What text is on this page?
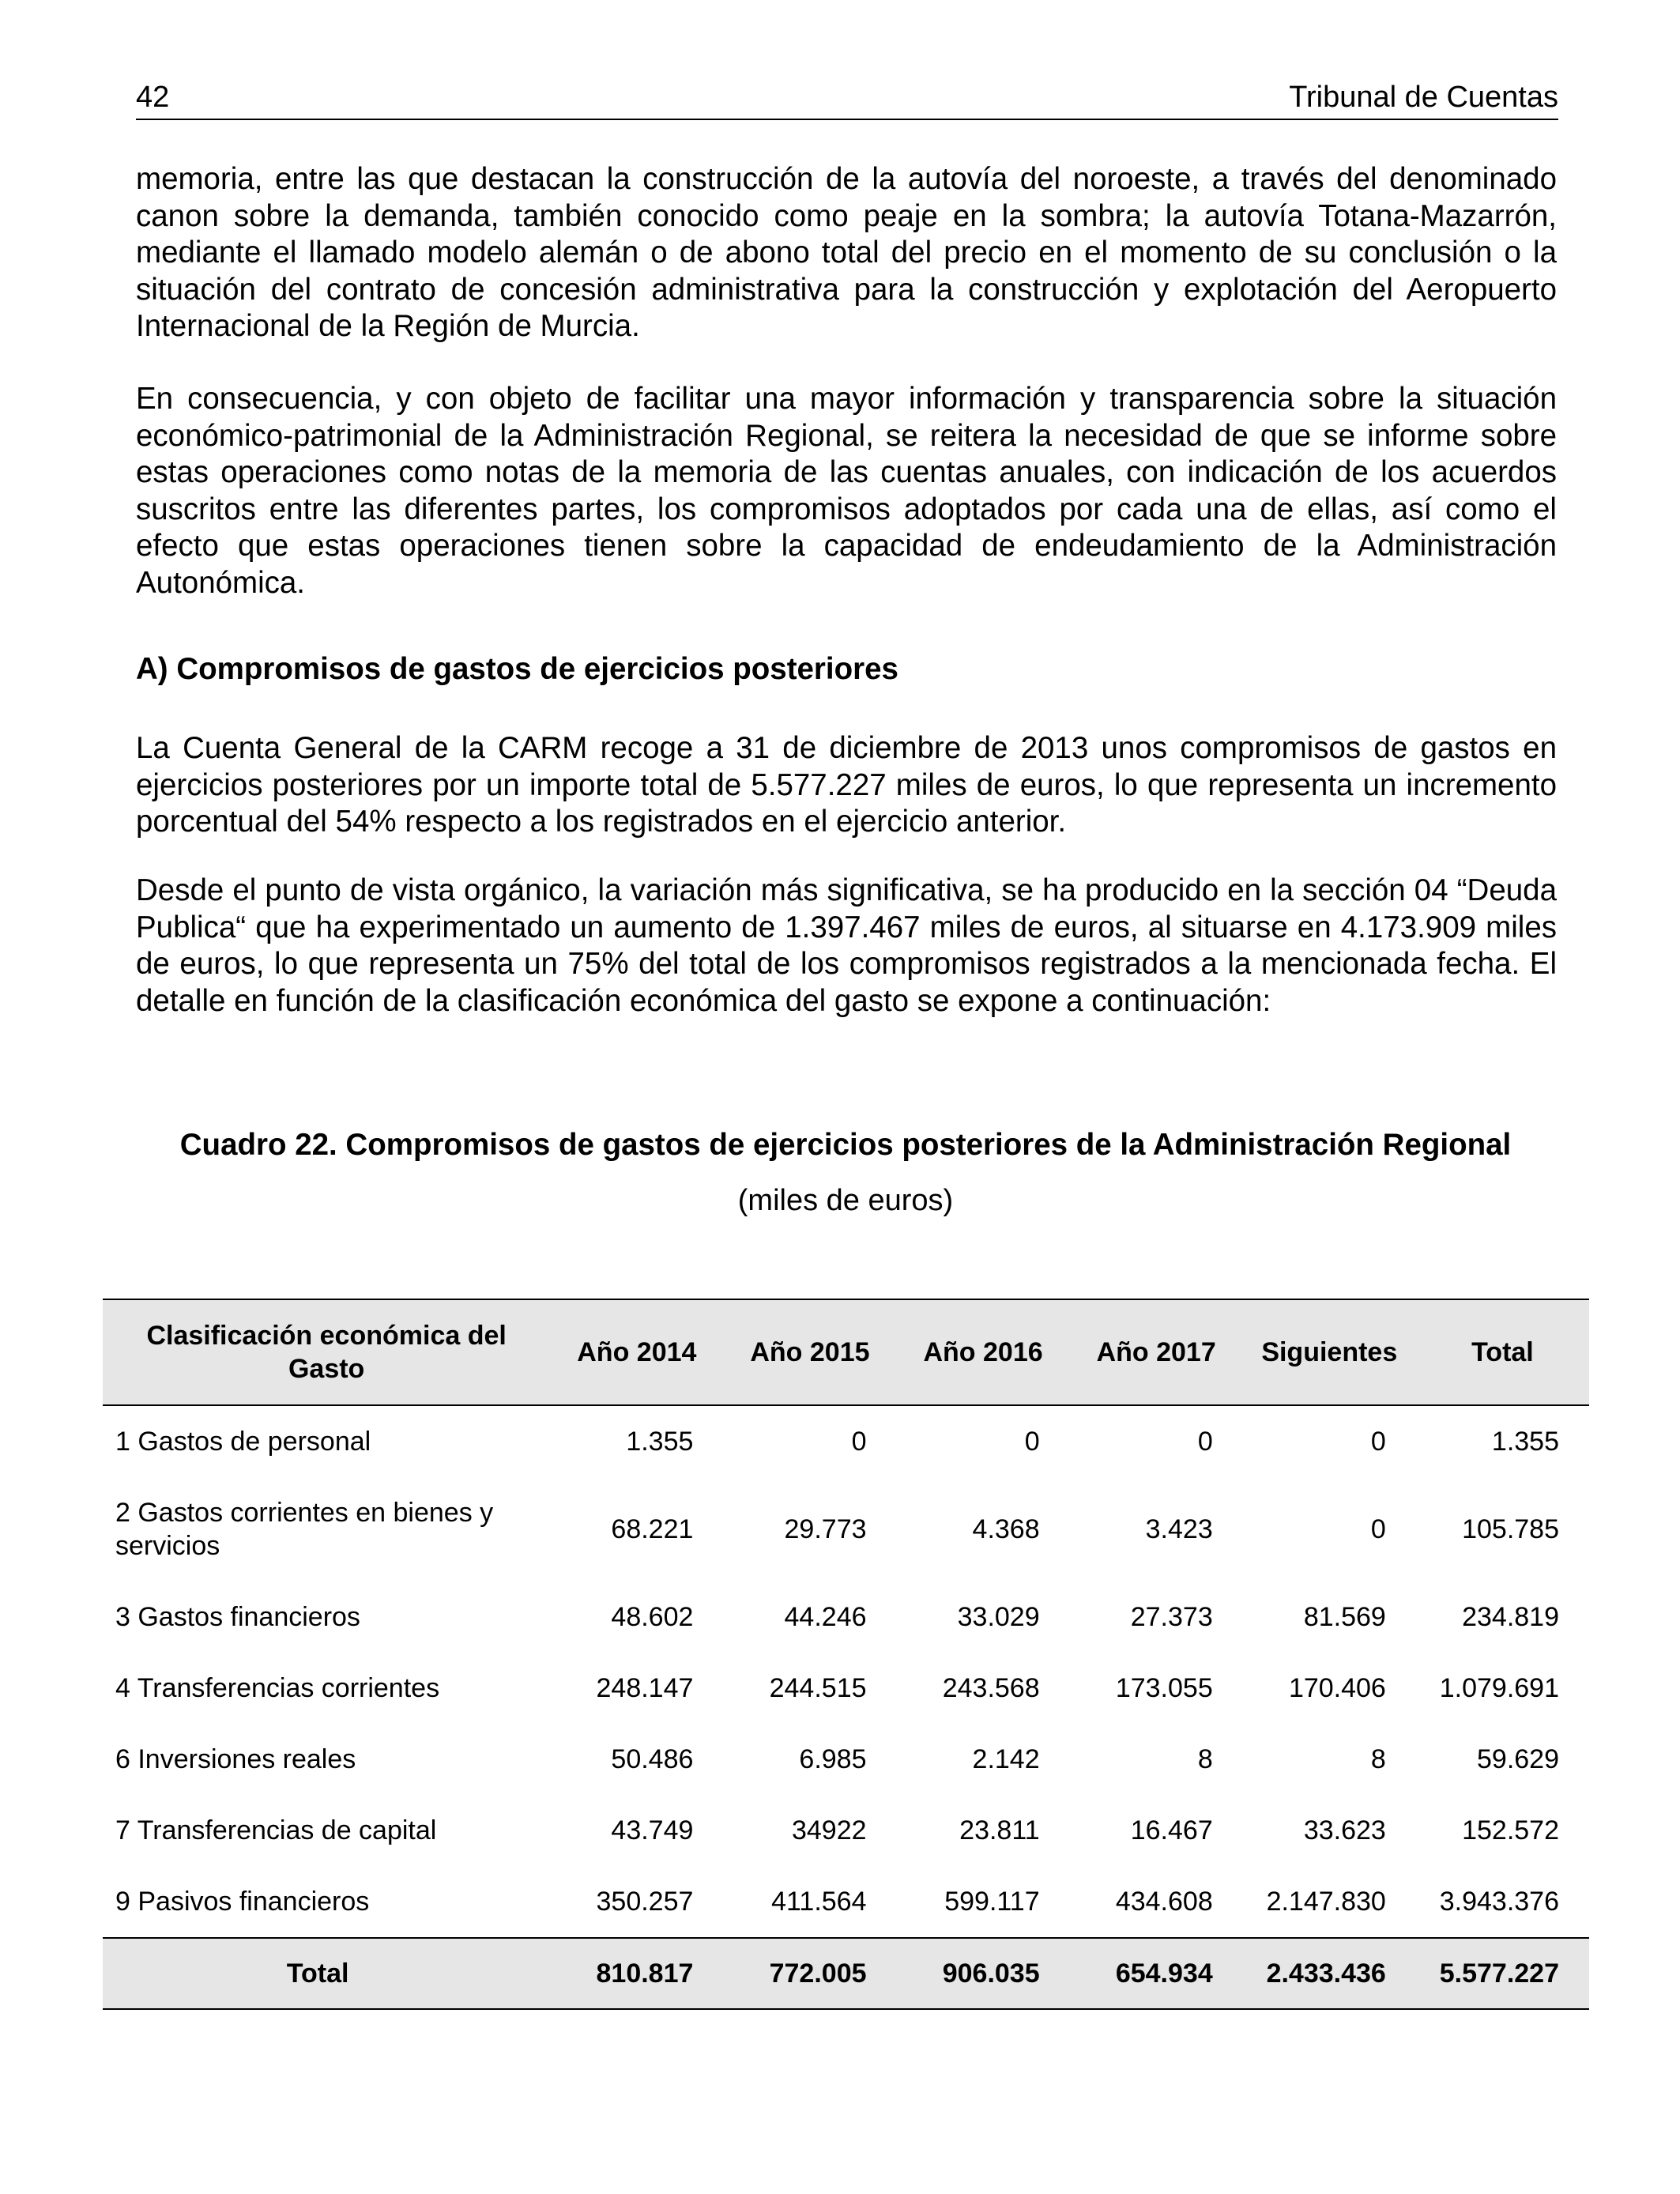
42	Tribunal de Cuentas

memoria, entre las que destacan la construcción de la autovía del noroeste, a través del denominado canon sobre la demanda, también conocido como peaje en la sombra; la autovía Totana-Mazarrón, mediante el llamado modelo alemán o de abono total del precio en el momento de su conclusión o la situación del contrato de concesión administrativa para la construcción y explotación del Aeropuerto Internacional de la Región de Murcia.

En consecuencia, y con objeto de facilitar una mayor información y transparencia sobre la situación económico-patrimonial de la Administración Regional, se reitera la necesidad de que se informe sobre estas operaciones como notas de la memoria de las cuentas anuales, con indicación de los acuerdos suscritos entre las diferentes partes, los compromisos adoptados por cada una de ellas, así como el efecto que estas operaciones tienen sobre la capacidad de endeudamiento de la Administración Autonómica.

A) Compromisos de gastos de ejercicios posteriores

La Cuenta General de la CARM recoge a 31 de diciembre de 2013 unos compromisos de gastos en ejercicios posteriores por un importe total de 5.577.227 miles de euros, lo que representa un incremento porcentual del 54% respecto a los registrados en el ejercicio anterior.

Desde el punto de vista orgánico, la variación más significativa, se ha producido en la sección 04 “Deuda Publica“ que ha experimentado un aumento de 1.397.467 miles de euros, al situarse en 4.173.909 miles de euros, lo que representa un 75% del total de los compromisos registrados a la mencionada fecha. El detalle en función de la clasificación económica del gasto se expone a continuación:

Cuadro 22. Compromisos de gastos de ejercicios posteriores de la Administración Regional
(miles de euros)
Clasificación económica del Gasto	Año 2014	Año 2015	Año 2016	Año 2017	Siguientes	Total
1 Gastos de personal	1.355	0	0	0	0	1.355
2 Gastos corrientes en bienes y servicios	68.221	29.773	4.368	3.423	0	105.785
3 Gastos financieros	48.602	44.246	33.029	27.373	81.569	234.819
4 Transferencias corrientes	248.147	244.515	243.568	173.055	170.406	1.079.691
6 Inversiones reales	50.486	6.985	2.142	8	8	59.629
7 Transferencias de capital	43.749	34922	23.811	16.467	33.623	152.572
9 Pasivos financieros	350.257	411.564	599.117	434.608	2.147.830	3.943.376
Total	810.817	772.005	906.035	654.934	2.433.436	5.577.227
